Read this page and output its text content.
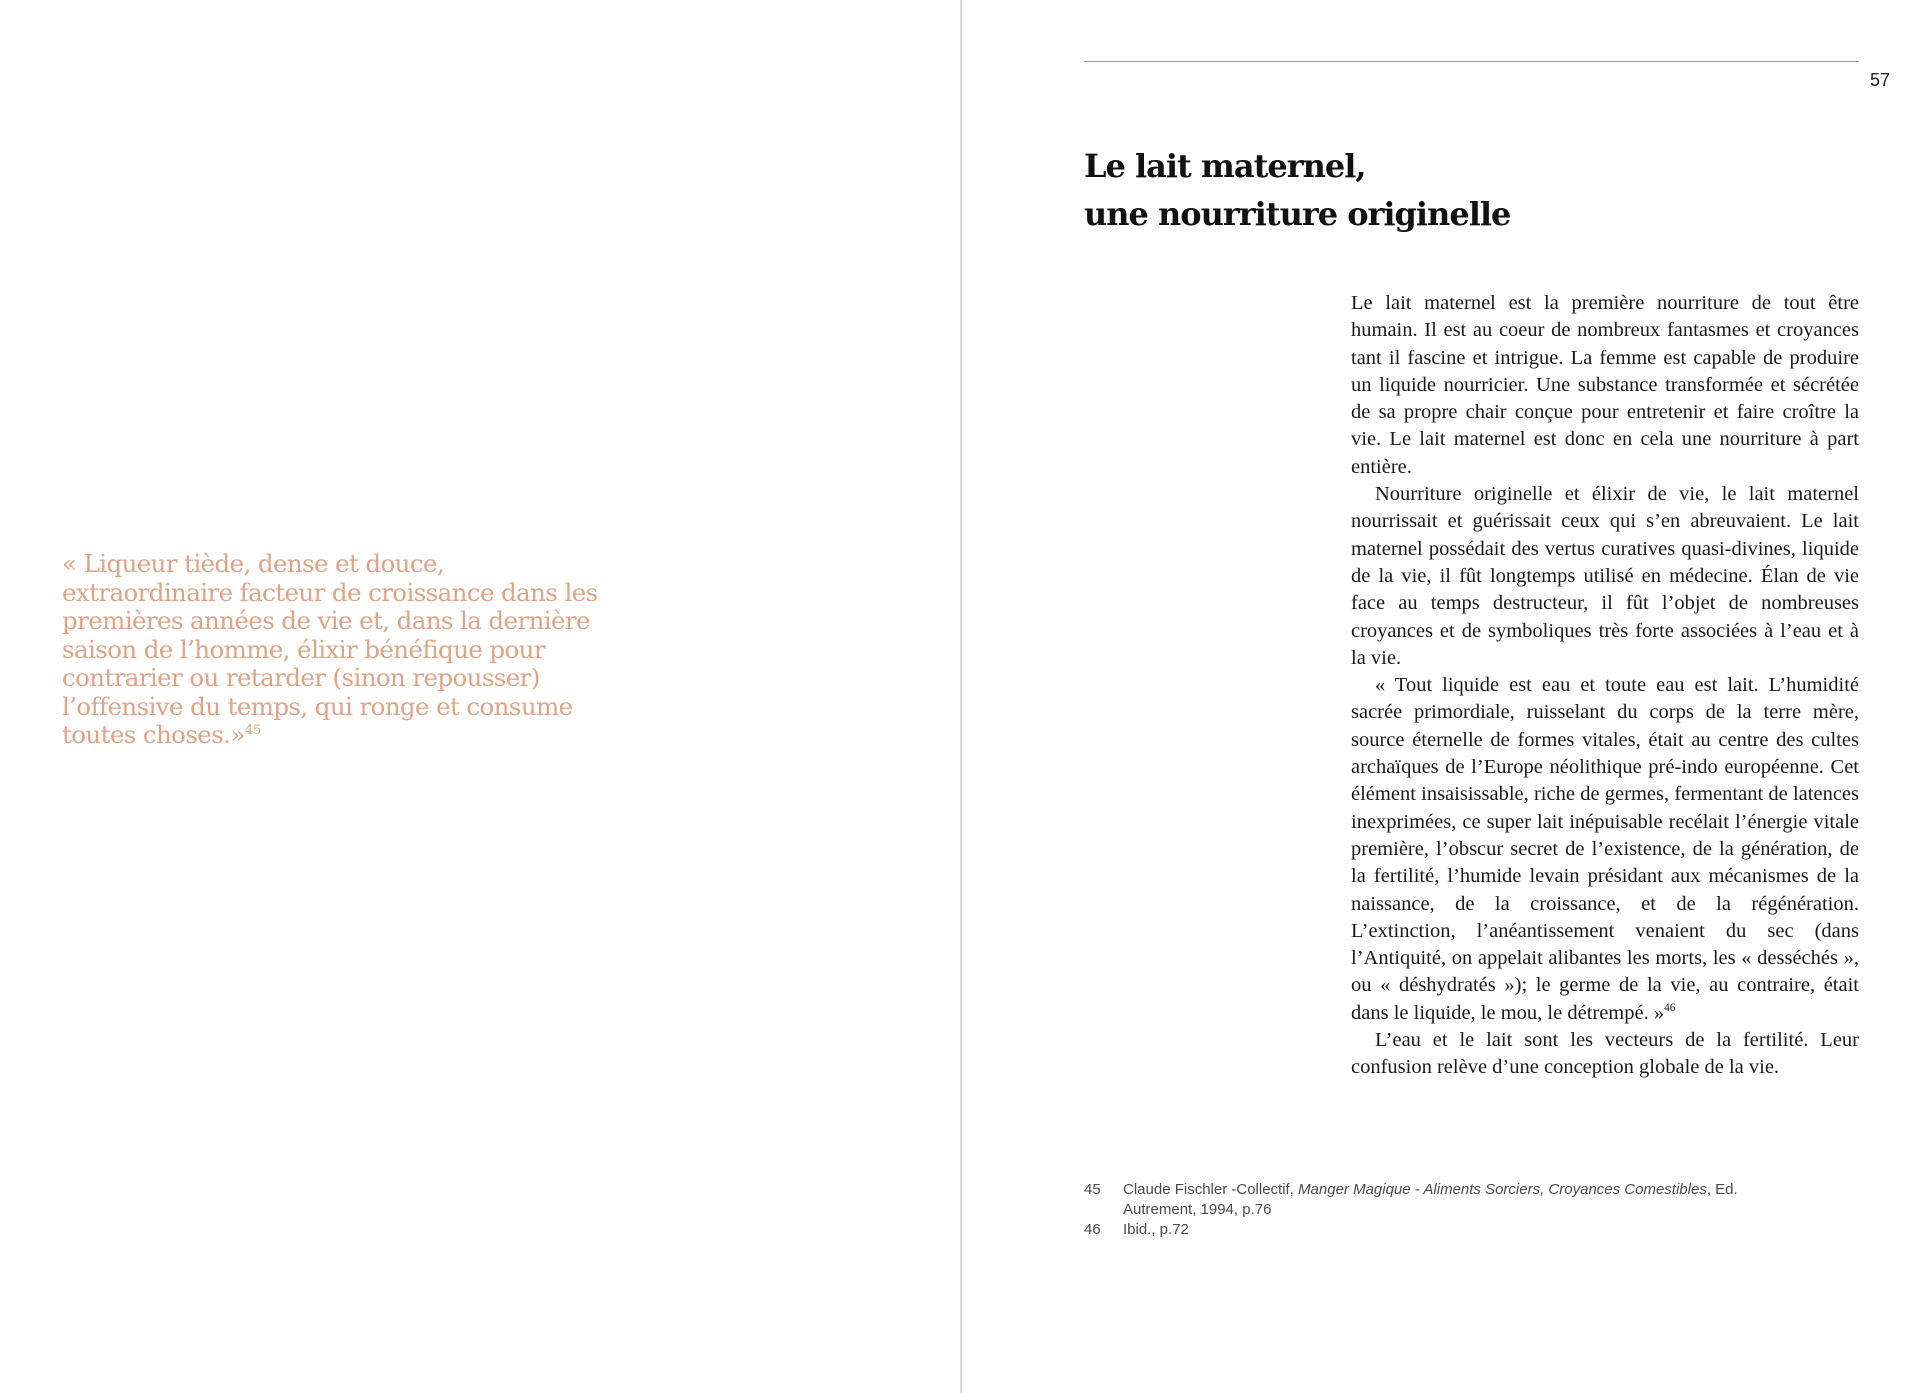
« Liqueur tiède, dense et douce, extraordinaire facteur de croissance dans les premières années de vie et, dans la dernière saison de l’homme, élixir bénéfique pour contrarier ou retarder (sinon repousser) l’offensive du temps, qui ronge et consume toutes choses.»$^{45}$

57
Le lait maternel,
une nourriture originelle

Le lait maternel est la première nourriture de tout être humain. Il est au coeur de nombreux fantasmes et croyances tant il fascine et intrigue. La femme est capable de produire un liquide nourricier. Une substance transformée et sécrétée de sa propre chair conçue pour entretenir et faire croître la vie. Le lait maternel est donc en cela une nourriture à part entière.

Nourriture originelle et élixir de vie, le lait maternel nourrissait et guérissait ceux qui s’en abreuvaient. Le lait maternel possédait des vertus curatives quasi-divines, liquide de la vie, il fût longtemps utilisé en médecine. Élan de vie face au temps destructeur, il fût l’objet de nombreuses croyances et de symboliques très forte associées à l’eau et à la vie.

« Tout liquide est eau et toute eau est lait. L’humidité sacrée primordiale, ruisselant du corps de la terre mère, source éternelle de formes vitales, était au centre des cultes archaïques de l’Europe néolithique pré-indo européenne. Cet élément insaisissable, riche de germes, fermentant de latences inexprimées, ce super lait inépuisable recélait l’énergie vitale première, l’obscur secret de l’existence, de la génération, de la fertilité, l’humide levain présidant aux mécanismes de la naissance, de la croissance, et de la régénération. L’extinction, l’anéantissement venaient du sec (dans l’Antiquité, on appelait alibantes les morts, les « desséchés », ou « déshydratés »); le germe de la vie, au contraire, était dans le liquide, le mou, le détrempé. »$^{46}$

L’eau et le lait sont les vecteurs de la fertilité. Leur confusion relève d’une conception globale de la vie.

45	Claude Fischler -Collectif, Manger Magique - Aliments Sorciers, Croyances Comestibles, Ed. Autrement, 1994, p.76
46	Ibid., p.72
